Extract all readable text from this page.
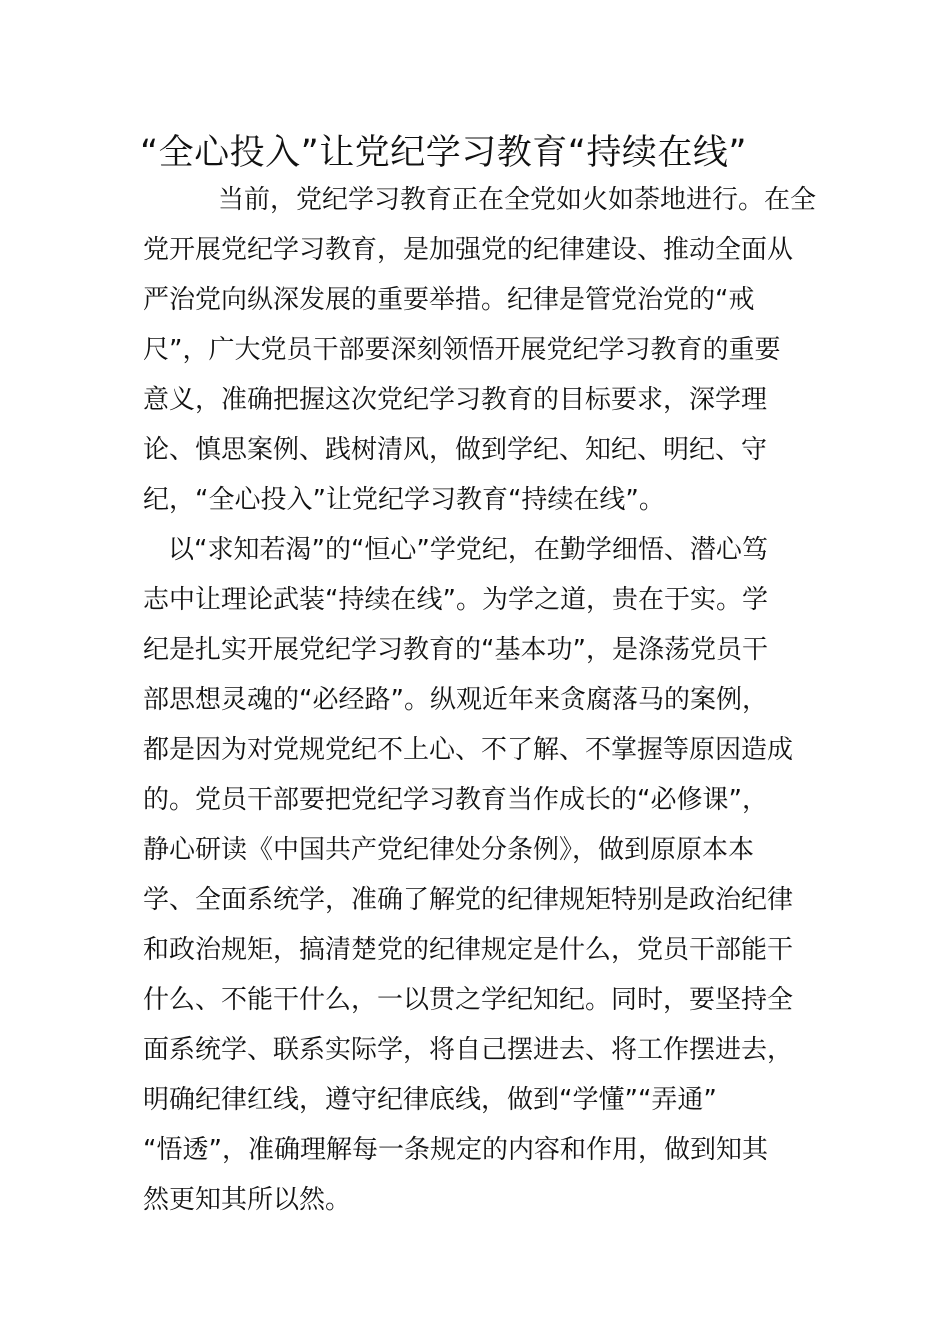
“全心投入”让党纪学习教育“持续在线”

当前，党纪学习教育正在全党如火如荼地进行。在全

党开展党纪学习教育，是加强党的纪律建设、推动全面从

严治党向纵深发展的重要举措。纪律是管党治党的“戒

尺”，广大党员干部要深刻领悟开展党纪学习教育的重要

意义，准确把握这次党纪学习教育的目标要求，深学理

论、慎思案例、践树清风，做到学纪、知纪、明纪、守

纪，“全心投入”让党纪学习教育“持续在线”。

以“求知若渴”的“恒心”学党纪，在勤学细悟、潜心笃

志中让理论武装“持续在线”。为学之道，贵在于实。学

纪是扎实开展党纪学习教育的“基本功”，是涤荡党员干

部思想灵魂的“必经路”。纵观近年来贪腐落马的案例，

都是因为对党规党纪不上心、不了解、不掌握等原因造成

的。党员干部要把党纪学习教育当作成长的“必修课”，

静心研读《中国共产党纪律处分条例》，做到原原本本

学、全面系统学，准确了解党的纪律规矩特别是政治纪律

和政治规矩，搞清楚党的纪律规定是什么，党员干部能干

什么、不能干什么，一以贯之学纪知纪。同时，要坚持全

面系统学、联系实际学，将自己摆进去、将工作摆进去，

明确纪律红线，遵守纪律底线，做到“学懂”“弄通”

“悟透”，准确理解每一条规定的内容和作用，做到知其

然更知其所以然。
